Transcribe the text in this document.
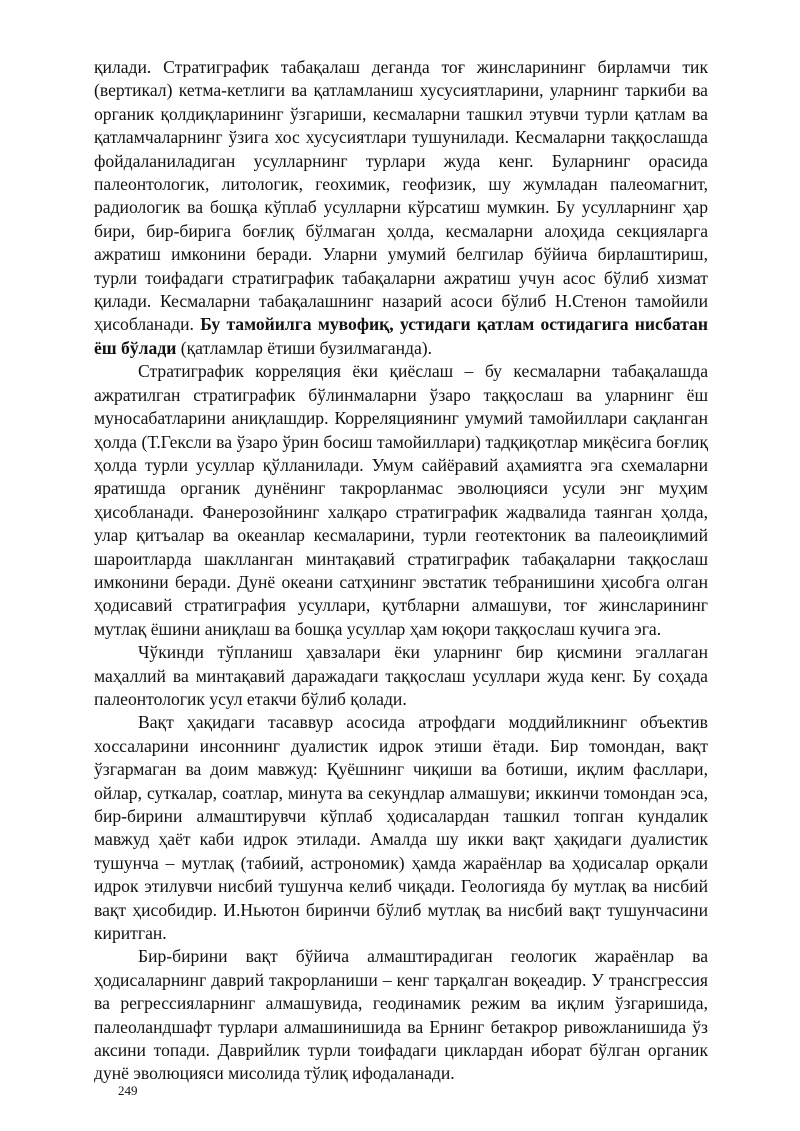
қилади. Стратиграфик табақалаш деганда тоғ жинсларининг бирламчи тик (вертикал) кетма-кетлиги ва қатламланиш хусусиятларини, уларнинг таркиби ва органик қолдиқларининг ўзгариши, кесмаларни ташкил этувчи турли қатлам ва қатламчаларнинг ўзига хос хусусиятлари тушунилади. Кесмаларни таққослашда фойдаланиладиган усулларнинг турлари жуда кенг. Буларнинг орасида палеонтологик, литологик, геохимик, геофизик, шу жумладан палеомагнит, радиологик ва бошқа кўплаб усулларни кўрсатиш мумкин. Бу усулларнинг ҳар бири, бир-бирига боғлиқ бўлмаган ҳолда, кесмаларни алоҳида секцияларга ажратиш имконини беради. Уларни умумий белгилар бўйича бирлаштириш, турли тоифадаги стратиграфик табақаларни ажратиш учун асос бўлиб хизмат қилади. Кесмаларни табақалашнинг назарий асоси бўлиб Н.Стенон тамойили ҳисобланади. Бу тамойилга мувофиқ, устидаги қатлам остидагига нисбатан ёш бўлади (қатламлар ётиши бузилмаганда).

Стратиграфик корреляция ёки қиёслаш – бу кесмаларни табақалашда ажратилган стратиграфик бўлинмаларни ўзаро таққослаш ва уларнинг ёш муносабатларини аниқлашдир. Корреляциянинг умумий тамойиллари сақланган ҳолда (Т.Гексли ва ўзаро ўрин босиш тамойиллари) тадқиқотлар миқёсига боғлиқ ҳолда турли усуллар қўлланилади. Умум сайёравий аҳамиятга эга схемаларни яратишда органик дунёнинг такрорланмас эволюцияси усули энг муҳим ҳисобланади. Фанерозойнинг халқаро стратиграфик жадвалида таянган ҳолда, улар қитъалар ва океанлар кесмаларини, турли геотектоник ва палеоиқлимий шароитларда шаклланган минтақавий стратиграфик табақаларни таққослаш имконини беради. Дунё океани сатҳининг эвстатик тебранишини ҳисобга олган ҳодисавий стратиграфия усуллари, қутбларни алмашуви, тоғ жинсларининг мутлақ ёшини аниқлаш ва бошқа усуллар ҳам юқори таққослаш кучига эга.

Чўкинди тўпланиш ҳавзалари ёки уларнинг бир қисмини эгаллаган маҳаллий ва минтақавий даражадаги таққослаш усуллари жуда кенг. Бу соҳада палеонтологик усул етакчи бўлиб қолади.

Вақт ҳақидаги тасаввур асосида атрофдаги моддийликнинг объектив хоссаларини инсоннинг дуалистик идрок этиши ётади. Бир томондан, вақт ўзгармаган ва доим мавжуд: Қуёшнинг чиқиши ва ботиши, иқлим фасллари, ойлар, суткалар, соатлар, минута ва секундлар алмашуви; иккинчи томондан эса, бир-бирини алмаштирувчи кўплаб ҳодисалардан ташкил топган кундалик мавжуд ҳаёт каби идрок этилади. Амалда шу икки вақт ҳақидаги дуалистик тушунча – мутлақ (табиий, астрономик) ҳамда жараёнлар ва ҳодисалар орқали идрок этилувчи нисбий тушунча келиб чиқади. Геологияда бу мутлақ ва нисбий вақт ҳисобидир. И.Ньютон биринчи бўлиб мутлақ ва нисбий вақт тушунчасини киритган.

Бир-бирини вақт бўйича алмаштирадиган геологик жараёнлар ва ҳодисаларнинг даврий такрорланиши – кенг тарқалган воқеадир. У трансгрессия ва регрессияларнинг алмашувида, геодинамик режим ва иқлим ўзгаришида, палеоландшафт турлари алмашинишида ва Ернинг бетакрор ривожланишида ўз аксини топади. Даврийлик турли тоифадаги циклардан иборат бўлган органик дунё эволюцияси мисолида тўлиқ ифодаланади.

249
